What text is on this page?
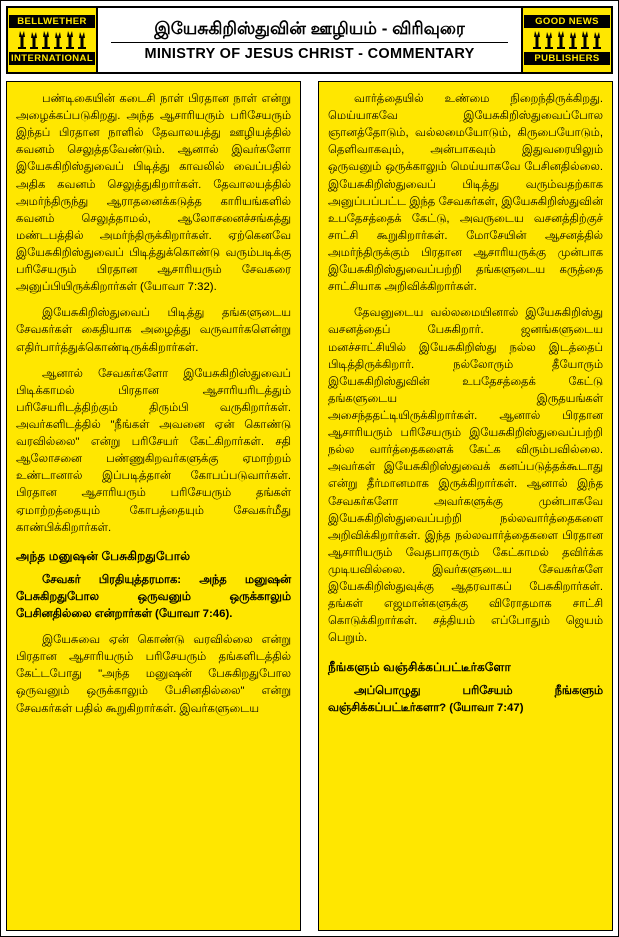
BELLWETHER
INTERNATIONAL
இயேசுகிறிஸ்துவின் ஊழியம் - விரிவுரை
MINISTRY OF JESUS CHRIST - COMMENTARY
GOOD NEWS
PUBLISHERS

பண்டிகையின் கடைசி நாள் பிரதான நாள் என்று அழைக்கப்படுகிறது. அந்த ஆசாரியரும் பரிசேயரும் இந்தப் பிரதான நாளில் தேவாலயத்து ஊழியத்தில் கவனம் செலுத்தவேண்டும். ஆனால் இவர்களோ இயேசுகிறிஸ்துவைப் பிடித்து காவலில் வைப்பதில் அதிக கவனம் செலுத்துகிறார்கள். தேவாலயத்தில் அமர்ந்திருந்து ஆராதனைக்கடுத்த காரியங்களில் கவனம் செலுத்தாமல், ஆலோசனைச்சங்கத்து மண்டபத்தில் அமர்ந்திருக்கிறார்கள். ஏற்கெனவே இயேசுகிறிஸ்துவைப் பிடித்துக்கொண்டு வரும்படிக்கு பரிசேயரும் பிரதான ஆசாரியரும் சேவகரை அனுப்பியிருக்கிறார்கள் (யோவா 7:32).

இயேசுகிறிஸ்துவைப் பிடித்து தங்களுடைய சேவகர்கள் கைதியாக அழைத்து வருவார்களென்று எதிர்பார்த்துக்கொண்டிருக்கிறார்கள்.

ஆனால் சேவகர்களோ இயேசுகிறிஸ்துவைப் பிடிக்காமல் பிரதான ஆசாரியரிடத்தும் பரிசேயரிடத்திற்கும் திரும்பி வருகிறார்கள். அவர்களிடத்தில் "நீங்கள் அவனை ஏன் கொண்டு வரவில்லை" என்று பரிசேயர் கேட்கிறார்கள். சதி ஆலோசனை பண்ணுகிறவர்களுக்கு ஏமாற்றம் உண்டானால் இப்படித்தான் கோபப்படுவார்கள். பிரதான ஆசாரியரும் பரிசேயரும் தங்கள் ஏமாற்றத்தையும் கோபத்தையும் சேவகர்மீது காண்பிக்கிறார்கள்.

அந்த மனுஷன் பேசுகிறதுபோல்

சேவகர் பிரதியுத்தரமாக: அந்த மனுஷன் பேசுகிறதுபோல ஒருவனும் ஒருக்காலும் பேசினதில்லை என்றார்கள் (யோவா 7:46).

இயேசுவை ஏன் கொண்டு வரவில்லை என்று பிரதான ஆசாரியரும் பரிசேயரும் தங்களிடத்தில் கேட்டபோது "அந்த மனுஷன் பேசுகிறதுபோல ஒருவனும் ஒருக்காலும் பேசினதில்லை" என்று சேவகர்கள் பதில் கூறுகிறார்கள். இவர்களுடைய

வார்த்தையில் உண்மை நிறைந்திருக்கிறது. மெய்யாகவே இயேசுகிறிஸ்துவைப்போல ஞானத்தோடும், வல்லமையோடும், கிருபையோடும், தெளிவாகவும், அன்பாகவும் இதுவரையிலும் ஒருவனும் ஒருக்காலும் மெய்யாகவே பேசினதில்லை. இயேசுகிறிஸ்துவைப் பிடித்து வரும்வதற்காக அனுப்பப்பட்ட இந்த சேவகர்கள், இயேசுகிறிஸ்துவின் உபதேசத்தைக் கேட்டு, அவருடைய வசனத்திற்குச் சாட்சி கூறுகிறார்கள். மோசேயின் ஆசனத்தில் அமர்ந்திருக்கும் பிரதான ஆசாரியருக்கு முன்பாக இயேசுகிறிஸ்துவைப்பற்றி தங்களுடைய கருத்தை சாட்சியாக அறிவிக்கிறார்கள்.

தேவனுடைய வல்லமையினால் இயேசுகிறிஸ்து வசனத்தைப் பேசுகிறார். ஜனங்களுடைய மனச்சாட்சியில் இயேசுகிறிஸ்து நல்ல இடத்தைப் பிடித்திருக்கிறார். நல்லோரும் தீயோரும் இயேசுகிறிஸ்துவின் உபதேசத்தைக் கேட்டு தங்களுடைய இருதயங்கள் அசைந்ததட்டியிருக்கிறார்கள். ஆனால் பிரதான ஆசாரியரும் பரிசேயரும் இயேசுகிறிஸ்துவைப்பற்றி நல்ல வார்த்தைகளைக் கேட்க விரும்பவில்லை. அவர்கள் இயேசுகிறிஸ்துவைக் கனப்படுத்தக்கூடாது என்று தீர்மானமாக இருக்கிறார்கள். ஆனால் இந்த சேவகர்களோ அவர்களுக்கு முன்பாகவே இயேசுகிறிஸ்துவைப்பற்றி நல்லவார்த்தைகளை அறிவிக்கிறார்கள். இந்த நல்லவார்த்தைகளை பிரதான ஆசாரியரும் வேதபாரகரும் கேட்காமல் தவிர்க்க முடியவில்லை. இவர்களுடைய சேவகர்களே இயேசுகிறிஸ்துவுக்கு ஆதரவாகப் பேசுகிறார்கள். தங்கள் எஜமான்களுக்கு விரோதமாக சாட்சி கொடுக்கிறார்கள். சத்தியம் எப்போதும் ஜெயம் பெறும்.

நீங்களும் வஞ்சிக்கப்பட்டீர்களோ

அப்பொழுது பரிசேயம் நீங்களும் வஞ்சிக்கப்பட்டீர்களா? (யோவா 7:47)
